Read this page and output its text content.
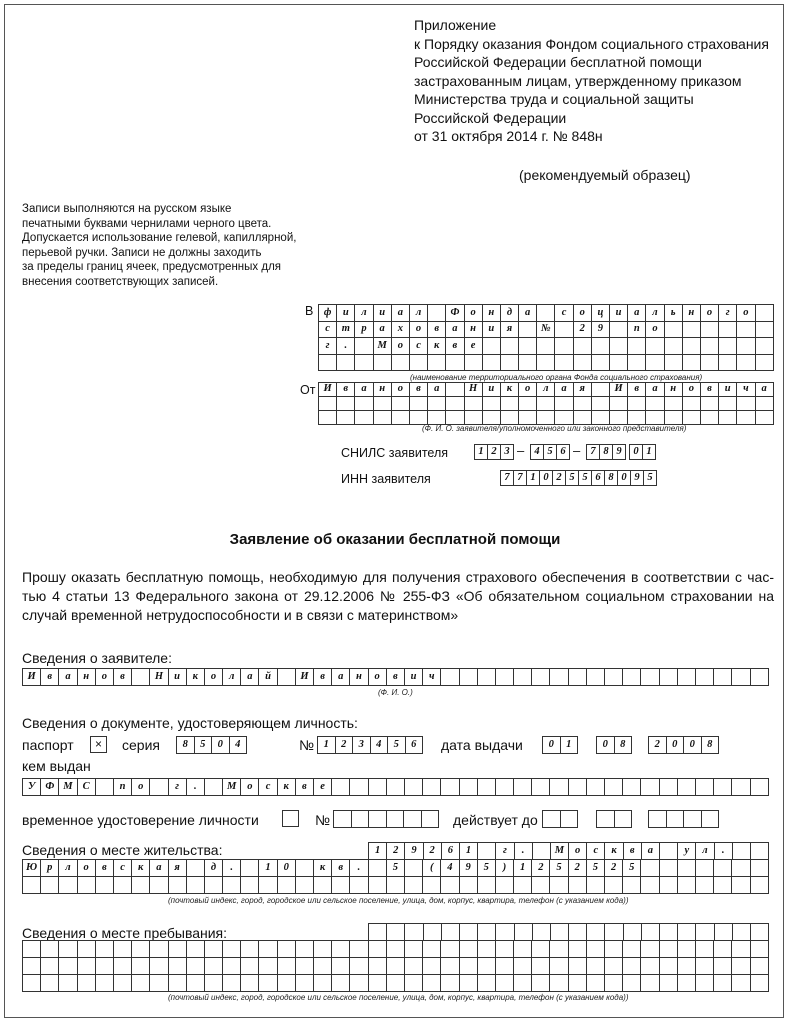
Приложение
к Порядку оказания Фондом социального страхования
Российской Федерации бесплатной помощи
застрахованным лицам, утвержденному приказом
Министерства труда и социальной защиты
Российской Федерации
от 31 октября 2014 г. № 848н
(рекомендуемый образец)
Записи выполняются на русском языке
печатными буквами чернилами черного цвета.
Допускается использование гелевой, капиллярной,
перьевой ручки. Записи не должны заходить
за пределы границ ячеек, предусмотренных для
внесения соответствующих записей.
В ф	и	л	и	а	л		Ф	о	н	д	а		с	о	ц	и	а	л	ь	н	о	г	о	
с	т	р	а	х	о	в	а	н	и	я		№		2	9		п	о						
г	.		М	о	с	к	в	е																

(наименование территориального органа Фонда социального страхования)
От И	в	а	н	о	в	а		Н	и	к	о	л	а	я		И	в	а	н	о	в	и	ч	а

(Ф. И. О. заявителя/уполномоченного или законного представителя)
СНИЛС заявителя	1	2	3 – 4	5	6 – 7	8	9 0	1
ИНН заявителя	7	7	1	0	2	5	5	6	8	0	9	5
Заявление об оказании бесплатной помощи
Прошу оказать бесплатную помощь, необходимую для получения страхового обеспечения в соответствии с час-тью 4 статьи 13 Федерального закона от 29.12.2006 № 255-ФЗ «Об обязательном социальном страховании на случай временной нетрудоспособности и в связи с материнством»
Сведения о заявителе:
И	в	а	н	о	в		Н	и	к	о	л	а	й		И	в	а	н	о	в	и	ч																		
(Ф. И. О.)
Сведения о документе, удостоверяющем личность:
паспорт	×	серия 8	5	0	4	№ 1	2	3	4	5	6 дата выдачи 0	1	0	8	2	0	0	8
кем выдан
У	Ф	М	С		п	о		г	.		М	о	с	к	в	е																								
временное удостоверение личности	№
						действует до

Сведения о месте жительства:	1	2	9	2	6	1		г	.		М	о	с	к	в	а		у	л	.		
Ю	р	л	о	в	с	к	а	я		д	.		1	0		к	в	.		5		(	4	9	5	)	1	2	5	2	5	2	5							

(почтовый индекс, город, городское или сельское поселение, улица, дом, корпус, квартира, телефон (с указанием кода))
Сведения о месте пребывания:

(почтовый индекс, город, городское или сельское поселение, улица, дом, корпус, квартира, телефон (с указанием кода))
